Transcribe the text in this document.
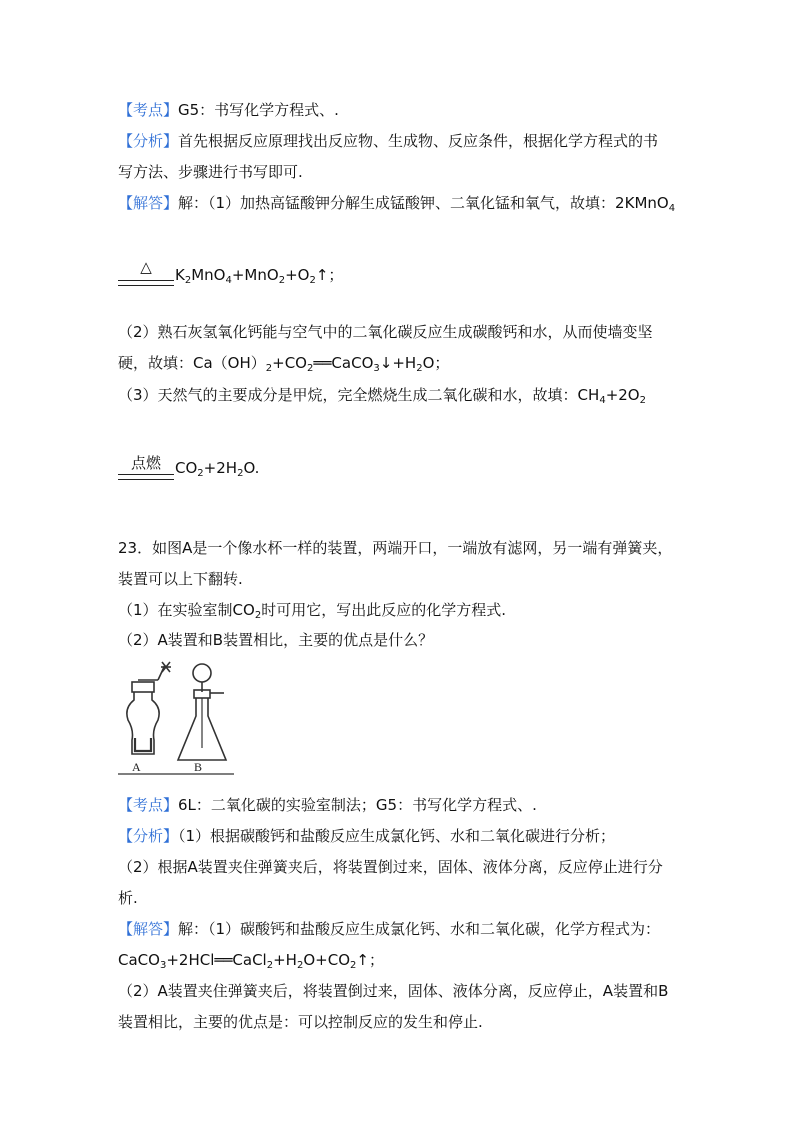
【考点】G5：书写化学方程式、.
【分析】首先根据反应原理找出反应物、生成物、反应条件，根据化学方程式的书
写方法、步骤进行书写即可.
【解答】解：（1）加热高锰酸钾分解生成锰酸钾、二氧化锰和氧气，故填：2KMnO$_4$
△	$K_2MnO_4+MnO_2+O_2↑$；
（2）熟石灰氢氧化钙能与空气中的二氧化碳反应生成碳酸钙和水，从而使墙变坚
硬，故填：$Ca(OH)_2+CO_2══CaCO_3↓+H_2O$；
（3）天然气的主要成分是甲烷，完全燃烧生成二氧化碳和水，故填：$CH_4+2O_2$
点燃 $CO_2+2H_2O$.
23．如图A是一个像水杯一样的装置，两端开口，一端放有滤网，另一端有弹簧夹，
装置可以上下翻转.
（1）在实验室制$CO_2$时可用它，写出此反应的化学方程式.
（2）A装置和B装置相比，主要的优点是什么？
A	B
【考点】6L：二氧化碳的实验室制法；G5：书写化学方程式、.
【分析】（1）根据碳酸钙和盐酸反应生成氯化钙、水和二氧化碳进行分析；
（2）根据A装置夹住弹簧夹后，将装置倒过来，固体、液体分离，反应停止进行分
析.
【解答】解：（1）碳酸钙和盐酸反应生成氯化钙、水和二氧化碳，化学方程式为：
$CaCO_3+2HCl══CaCl_2+H_2O+CO_2↑$；
（2）A装置夹住弹簧夹后，将装置倒过来，固体、液体分离，反应停止，A装置和B
装置相比，主要的优点是：可以控制反应的发生和停止.
